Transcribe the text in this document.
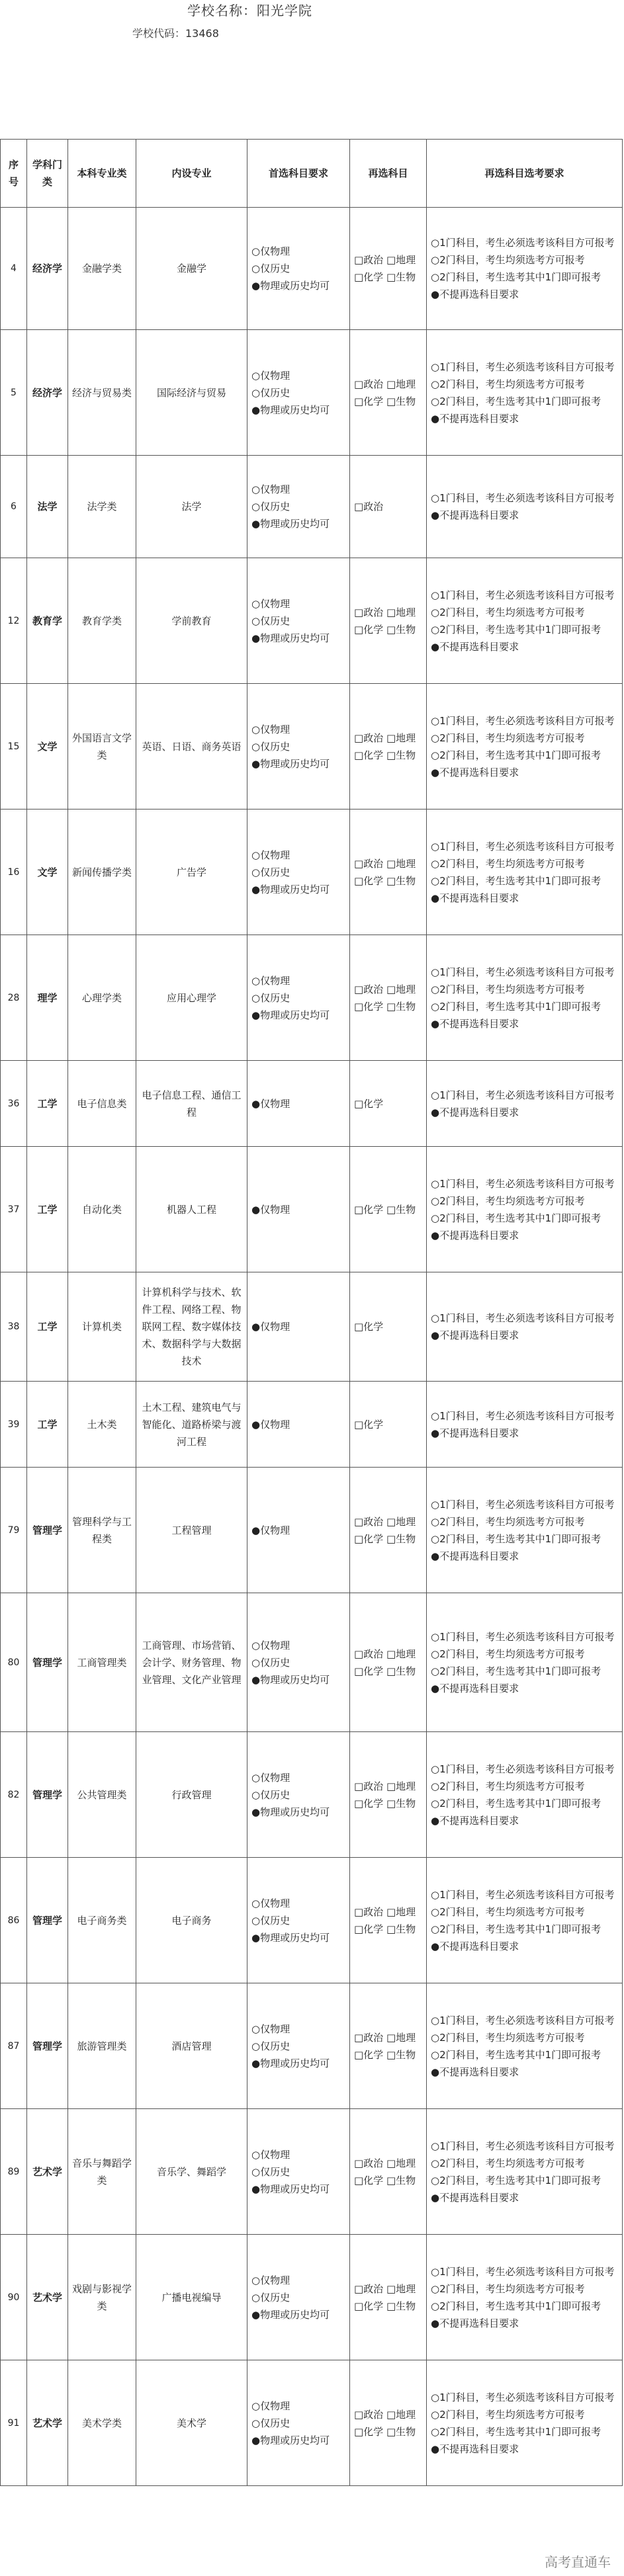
学校名称：阳光学院
学校代码：13468
序号	学科门类	本科专业类	内设专业	首选科目要求	再选科目	再选科目选考要求
4	经济学	金融学类	金融学	○仅物理
○仅历史
●物理或历史均可	□政治 □地理
□化学 □生物	○1门科目，考生必须选考该科目方可报考
○2门科目，考生均须选考方可报考
○2门科目，考生选考其中1门即可报考
●不提再选科目要求

5	经济学	经济与贸易类	国际经济与贸易	○仅物理
○仅历史
●物理或历史均可	□政治 □地理
□化学 □生物	○1门科目，考生必须选考该科目方可报考
○2门科目，考生均须选考方可报考
○2门科目，考生选考其中1门即可报考
●不提再选科目要求

6	法学	法学类	法学	○仅物理
○仅历史
●物理或历史均可	□政治	○1门科目，考生必须选考该科目方可报考
●不提再选科目要求

12	教育学	教育学类	学前教育	○仅物理
○仅历史
●物理或历史均可	□政治 □地理
□化学 □生物	○1门科目，考生必须选考该科目方可报考
○2门科目，考生均须选考方可报考
○2门科目，考生选考其中1门即可报考
●不提再选科目要求

15	文学	外国语言文学类	英语、日语、商务英语	○仅物理
○仅历史
●物理或历史均可	□政治 □地理
□化学 □生物	○1门科目，考生必须选考该科目方可报考
○2门科目，考生均须选考方可报考
○2门科目，考生选考其中1门即可报考
●不提再选科目要求

16	文学	新闻传播学类	广告学	○仅物理
○仅历史
●物理或历史均可	□政治 □地理
□化学 □生物	○1门科目，考生必须选考该科目方可报考
○2门科目，考生均须选考方可报考
○2门科目，考生选考其中1门即可报考
●不提再选科目要求

28	理学	心理学类	应用心理学	○仅物理
○仅历史
●物理或历史均可	□政治 □地理
□化学 □生物	○1门科目，考生必须选考该科目方可报考
○2门科目，考生均须选考方可报考
○2门科目，考生选考其中1门即可报考
●不提再选科目要求

36	工学	电子信息类	电子信息工程、通信工程	●仅物理	□化学	○1门科目，考生必须选考该科目方可报考
●不提再选科目要求

37	工学	自动化类	机器人工程	●仅物理	□化学 □生物	○1门科目，考生必须选考该科目方可报考
○2门科目，考生均须选考方可报考
○2门科目，考生选考其中1门即可报考
●不提再选科目要求

38	工学	计算机类	计算机科学与技术、软件工程、网络工程、物联网工程、数字媒体技术、数据科学与大数据技术	●仅物理	□化学	○1门科目，考生必须选考该科目方可报考
●不提再选科目要求

39	工学	土木类	土木工程、建筑电气与智能化、道路桥梁与渡河工程	●仅物理	□化学	○1门科目，考生必须选考该科目方可报考
●不提再选科目要求

79	管理学	管理科学与工程类	工程管理	●仅物理	□政治 □地理
□化学 □生物	○1门科目，考生必须选考该科目方可报考
○2门科目，考生均须选考方可报考
○2门科目，考生选考其中1门即可报考
●不提再选科目要求

80	管理学	工商管理类	工商管理、市场营销、会计学、财务管理、物业管理、文化产业管理	○仅物理
○仅历史
●物理或历史均可	□政治 □地理
□化学 □生物	○1门科目，考生必须选考该科目方可报考
○2门科目，考生均须选考方可报考
○2门科目，考生选考其中1门即可报考
●不提再选科目要求

82	管理学	公共管理类	行政管理	○仅物理
○仅历史
●物理或历史均可	□政治 □地理
□化学 □生物	○1门科目，考生必须选考该科目方可报考
○2门科目，考生均须选考方可报考
○2门科目，考生选考其中1门即可报考
●不提再选科目要求

86	管理学	电子商务类	电子商务	○仅物理
○仅历史
●物理或历史均可	□政治 □地理
□化学 □生物	○1门科目，考生必须选考该科目方可报考
○2门科目，考生均须选考方可报考
○2门科目，考生选考其中1门即可报考
●不提再选科目要求

87	管理学	旅游管理类	酒店管理	○仅物理
○仅历史
●物理或历史均可	□政治 □地理
□化学 □生物	○1门科目，考生必须选考该科目方可报考
○2门科目，考生均须选考方可报考
○2门科目，考生选考其中1门即可报考
●不提再选科目要求

89	艺术学	音乐与舞蹈学类	音乐学、舞蹈学	○仅物理
○仅历史
●物理或历史均可	□政治 □地理
□化学 □生物	○1门科目，考生必须选考该科目方可报考
○2门科目，考生均须选考方可报考
○2门科目，考生选考其中1门即可报考
●不提再选科目要求

90	艺术学	戏剧与影视学类	广播电视编导	○仅物理
○仅历史
●物理或历史均可	□政治 □地理
□化学 □生物	○1门科目，考生必须选考该科目方可报考
○2门科目，考生均须选考方可报考
○2门科目，考生选考其中1门即可报考
●不提再选科目要求

91	艺术学	美术学类	美术学	○仅物理
○仅历史
●物理或历史均可	□政治 □地理
□化学 □生物	○1门科目，考生必须选考该科目方可报考
○2门科目，考生均须选考方可报考
○2门科目，考生选考其中1门即可报考
●不提再选科目要求
高考直通车
